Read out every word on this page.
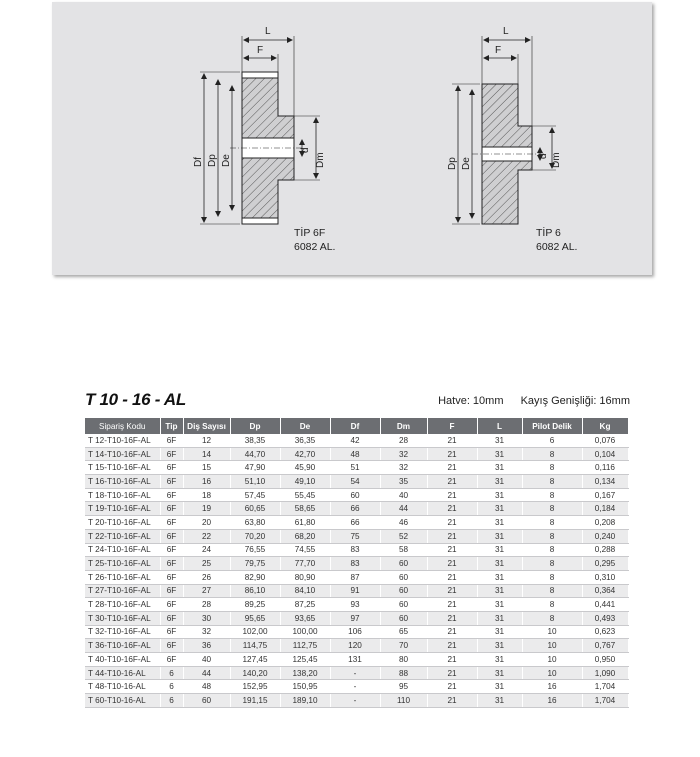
L
F
Df Dp De
d
Dm
TİP 6F
6082 AL.
L
F
Dp De
d Dm
TİP 6
6082 AL.
T 10 - 16 - AL	Hatve: 10mm Kayış Genişliği: 16mm
Sipariş Kodu	Tip	Diş Sayısı	Dp	De	Df	Dm	F	L	Pilot Delik	Kg
T 12-T10-16F-AL	6F	12	38,35	36,35	42	28	21	31	6	0,076
T 14-T10-16F-AL	6F	14	44,70	42,70	48	32	21	31	8	0,104
T 15-T10-16F-AL	6F	15	47,90	45,90	51	32	21	31	8	0,116
T 16-T10-16F-AL	6F	16	51,10	49,10	54	35	21	31	8	0,134
T 18-T10-16F-AL	6F	18	57,45	55,45	60	40	21	31	8	0,167
T 19-T10-16F-AL	6F	19	60,65	58,65	66	44	21	31	8	0,184
T 20-T10-16F-AL	6F	20	63,80	61,80	66	46	21	31	8	0,208
T 22-T10-16F-AL	6F	22	70,20	68,20	75	52	21	31	8	0,240
T 24-T10-16F-AL	6F	24	76,55	74,55	83	58	21	31	8	0,288
T 25-T10-16F-AL	6F	25	79,75	77,70	83	60	21	31	8	0,295
T 26-T10-16F-AL	6F	26	82,90	80,90	87	60	21	31	8	0,310
T 27-T10-16F-AL	6F	27	86,10	84,10	91	60	21	31	8	0,364
T 28-T10-16F-AL	6F	28	89,25	87,25	93	60	21	31	8	0,441
T 30-T10-16F-AL	6F	30	95,65	93,65	97	60	21	31	8	0,493
T 32-T10-16F-AL	6F	32	102,00	100,00	106	65	21	31	10	0,623
T 36-T10-16F-AL	6F	36	114,75	112,75	120	70	21	31	10	0,767
T 40-T10-16F-AL	6F	40	127,45	125,45	131	80	21	31	10	0,950
T 44-T10-16-AL	6	44	140,20	138,20	-	88	21	31	10	1,090
T 48-T10-16-AL	6	48	152,95	150,95	-	95	21	31	16	1,704
T 60-T10-16-AL	6	60	191,15	189,10	-	110	21	31	16	1,704
